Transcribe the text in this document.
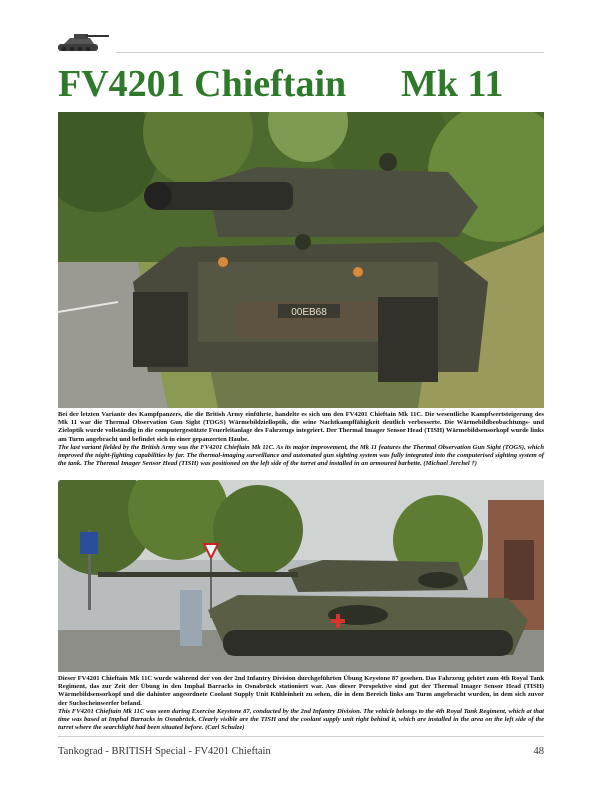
FV4201 Chieftain Mk 11
00EB68

Bei der letzten Variante des Kampfpanzers, die die British Army einführte, handelte es sich um den FV4201 Chieftain Mk 11C. Die wesentliche Kampfwertsteigerung des Mk 11 war die Thermal Observation Gun Sight (TOGS) Wärmebildzielloptik, die seine Nachtkampffähigkeit deutlich verbesserte. Die Wärmebildbeobachtungs- und Zieloptik wurde vollständig in die computergestützte Feuerleitanlage des Fahrzeugs integriert. Der Thermal Imager Sensor Head (TISH) Wärmebildsensorkopf wurde links am Turm angebracht und befindet sich in einer gepanzerten Haube.

The last variant fielded by the British Army was the FV4201 Chieftain Mk 11C. As its major improvement, the Mk 11 features the Thermal Observation Gun Sight (TOGS), which improved the night-fighting capabilities by far. The thermal-imaging surveillance and automated gun sighting system was fully integrated into the computerised sighting system of the tank. The Thermal Imager Sensor Head (TISH) was positioned on the left side of the turret and installed in an armoured barbette. (Michael Jerchel †)

Dieser FV4201 Chieftain Mk 11C wurde während der von der 2nd Infantry Division durchgeführten Übung Keystone 87 gesehen. Das Fahrzeug gehört zum 4th Royal Tank Regiment, das zur Zeit der Übung in den Imphal Barracks in Osnabrück stationiert war. Aus dieser Perspektive sind gut der Thermal Imager Sensor Head (TISH) Wärmebildsensorkopf und die dahinter angeordnete Coolant Supply Unit Kühleinheit zu sehen, die in dem Bereich links am Turm angebracht wurden, in dem sich zuvor der Suchscheinwerfer befand.

This FV4201 Chieftain Mk 11C was seen during Exercise Keystone 87, conducted by the 2nd Infantry Division. The vehicle belongs to the 4th Royal Tank Regiment, which at that time was based at Imphal Barracks in Osnabrück. Clearly visible are the TISH and the coolant supply unit right behind it, which are installed in the area on the left side of the turret where the searchlight had been situated before. (Carl Schulze)

Tankograd - BRITISH Special - FV4201 Chieftain	48
